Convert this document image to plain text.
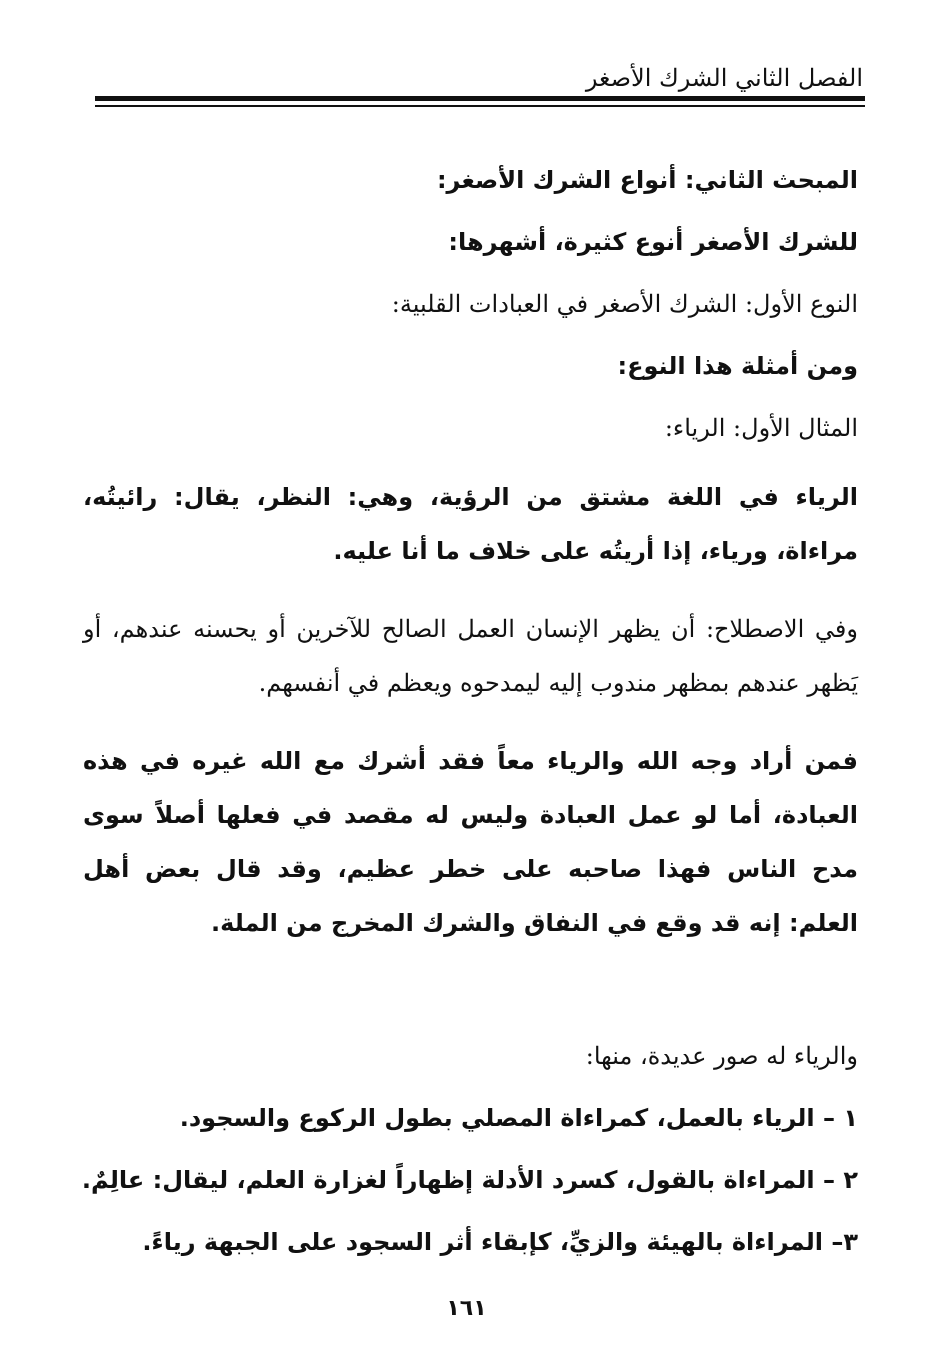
الفصل الثاني الشرك الأصغر
المبحث الثاني: أنواع الشرك الأصغر:
للشرك الأصغر أنوع كثيرة، أشهرها:
النوع الأول: الشرك الأصغر في العبادات القلبية:
ومن أمثلة هذا النوع:
المثال الأول: الرياء:
الرياء في اللغة مشتق من الرؤية، وهي: النظر، يقال: رائيتُه، مراءاة، ورياء، إذا أريتُه على خلاف ما أنا عليه.
وفي الاصطلاح: أن يظهر الإنسان العمل الصالح للآخرين أو يحسنه عندهم، أو يَظهر عندهم بمظهر مندوب إليه ليمدحوه ويعظم في أنفسهم.
فمن أراد وجه الله والرياء معاً فقد أشرك مع الله غيره في هذه العبادة، أما لو عمل العبادة وليس له مقصد في فعلها أصلاً سوى مدح الناس فهذا صاحبه على خطر عظيم، وقد قال بعض أهل العلم: إنه قد وقع في النفاق والشرك المخرج من الملة.
والرياء له صور عديدة، منها:
١ – الرياء بالعمل، كمراءاة المصلي بطول الركوع والسجود.
٢ – المراءاة بالقول، كسرد الأدلة إظهاراً لغزارة العلم، ليقال: عالِمٌ.
٣– المراءاة بالهيئة والزيِّ، كإبقاء أثر السجود على الجبهة رياءً.
١٦١
